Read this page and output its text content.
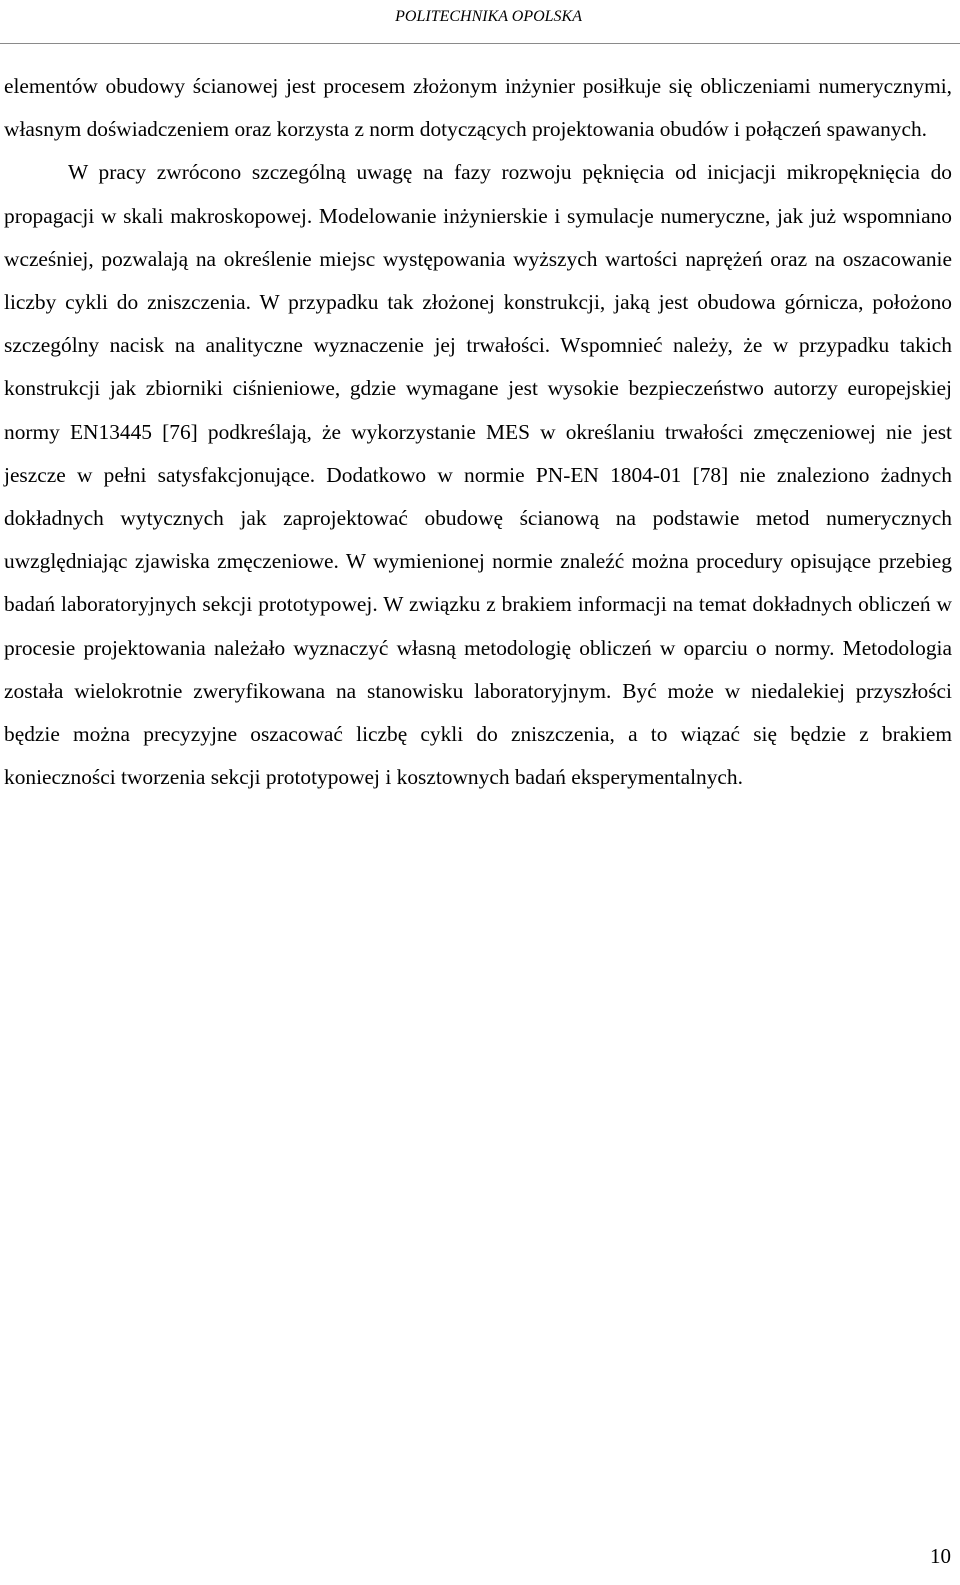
POLITECHNIKA OPOLSKA

elementów obudowy ścianowej jest procesem złożonym inżynier posiłkuje się obliczeniami numerycznymi, własnym doświadczeniem oraz korzysta z norm dotyczących projektowania obudów i połączeń spawanych.

W pracy zwrócono szczególną uwagę na fazy rozwoju pęknięcia od inicjacji mikropęknięcia do propagacji w skali makroskopowej. Modelowanie inżynierskie i symulacje numeryczne, jak już wspomniano wcześniej, pozwalają na określenie miejsc występowania wyższych wartości naprężeń oraz na oszacowanie liczby cykli do zniszczenia. W przypadku tak złożonej konstrukcji, jaką jest obudowa górnicza, położono szczególny nacisk na analityczne wyznaczenie jej trwałości. Wspomnieć należy, że w przypadku takich konstrukcji jak zbiorniki ciśnieniowe, gdzie wymagane jest wysokie bezpieczeństwo autorzy europejskiej normy EN13445 [76] podkreślają, że wykorzystanie MES w określaniu trwałości zmęczeniowej nie jest jeszcze w pełni satysfakcjonujące. Dodatkowo w normie PN-EN 1804-01 [78] nie znaleziono żadnych dokładnych wytycznych jak zaprojektować obudowę ścianową na podstawie metod numerycznych uwzględniając zjawiska zmęczeniowe. W wymienionej normie znaleźć można procedury opisujące przebieg badań laboratoryjnych sekcji prototypowej. W związku z brakiem informacji na temat dokładnych obliczeń w procesie projektowania należało wyznaczyć własną metodologię obliczeń w oparciu o normy. Metodologia została wielokrotnie zweryfikowana na stanowisku laboratoryjnym. Być może w niedalekiej przyszłości będzie można precyzyjne oszacować liczbę cykli do zniszczenia, a to wiązać się będzie z brakiem konieczności tworzenia sekcji prototypowej i kosztownych badań eksperymentalnych.

10
